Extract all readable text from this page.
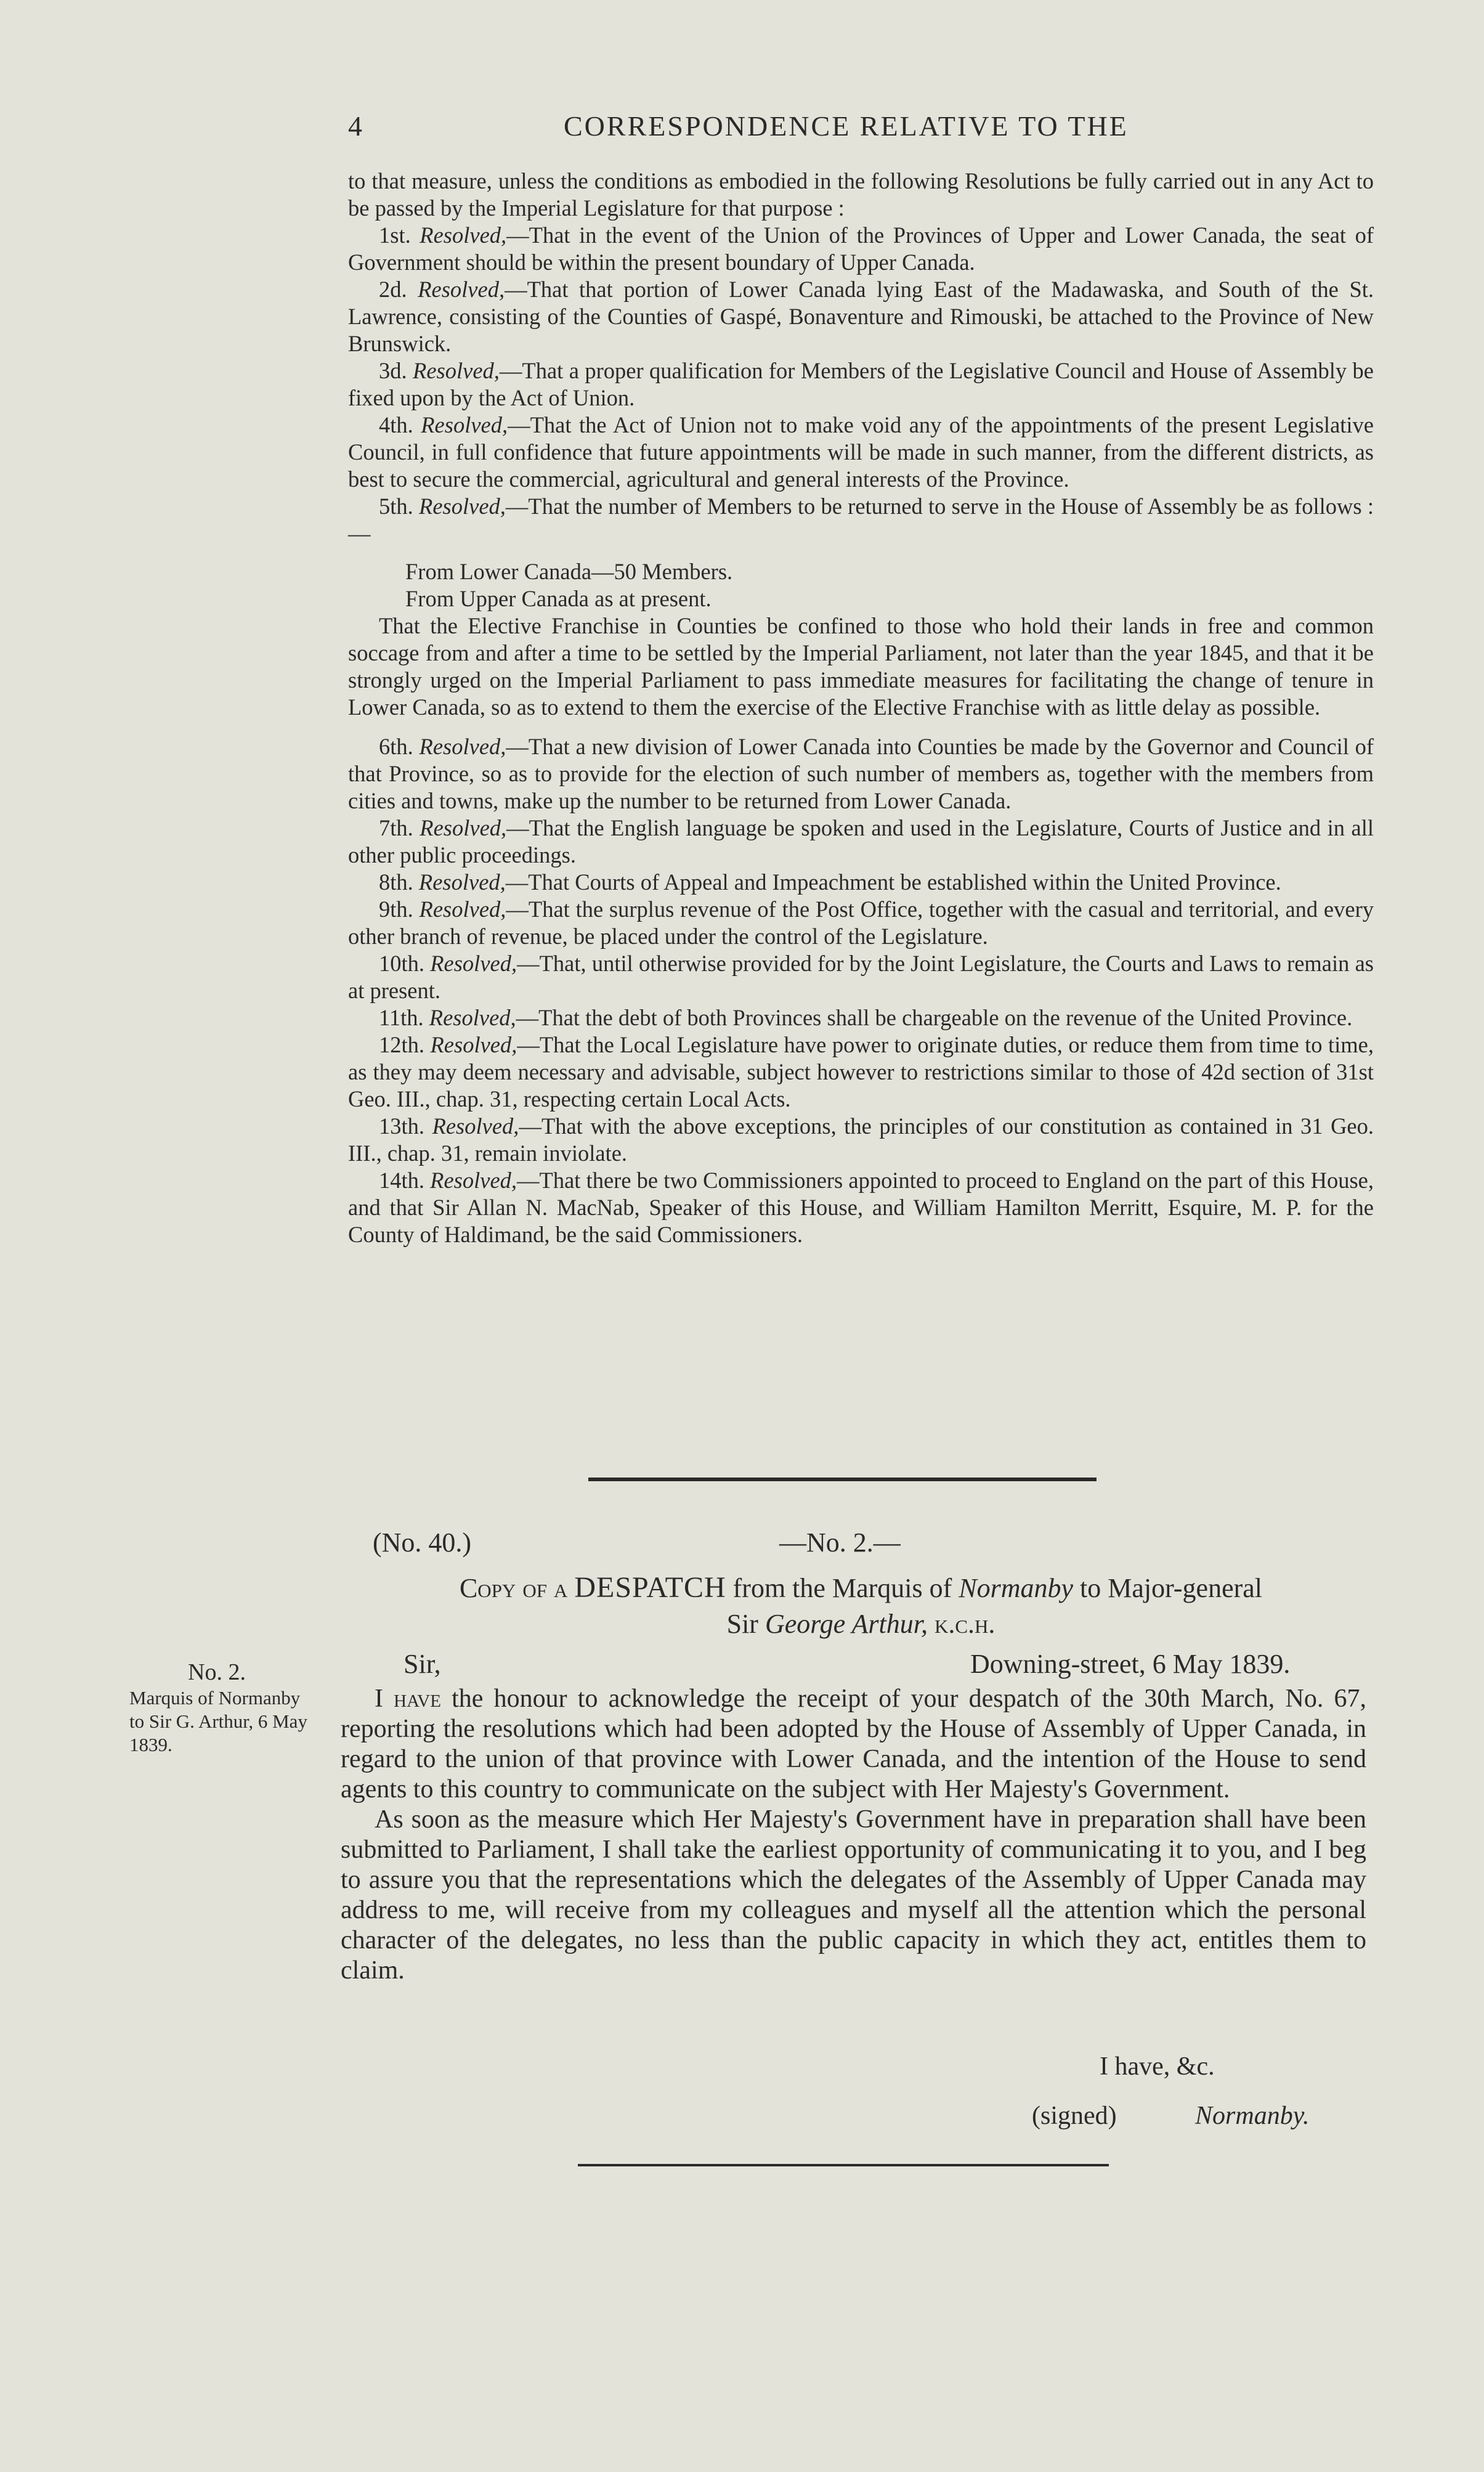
4	CORRESPONDENCE RELATIVE TO THE

to that measure, unless the conditions as embodied in the following Resolutions be fully carried out in any Act to be passed by the Imperial Legislature for that purpose :

1st. Resolved,—That in the event of the Union of the Provinces of Upper and Lower Canada, the seat of Government should be within the present boundary of Upper Canada.

2d. Resolved,—That that portion of Lower Canada lying East of the Madawaska, and South of the St. Lawrence, consisting of the Counties of Gaspé, Bonaventure and Rimouski, be attached to the Province of New Brunswick.

3d. Resolved,—That a proper qualification for Members of the Legislative Council and House of Assembly be fixed upon by the Act of Union.

4th. Resolved,—That the Act of Union not to make void any of the appointments of the present Legislative Council, in full confidence that future appointments will be made in such manner, from the different districts, as best to secure the commercial, agricultural and general interests of the Province.

5th. Resolved,—That the number of Members to be returned to serve in the House of Assembly be as follows :—

From Lower Canada—50 Members.

From Upper Canada as at present.

That the Elective Franchise in Counties be confined to those who hold their lands in free and common soccage from and after a time to be settled by the Imperial Parliament, not later than the year 1845, and that it be strongly urged on the Imperial Parliament to pass immediate measures for facilitating the change of tenure in Lower Canada, so as to extend to them the exercise of the Elective Franchise with as little delay as possible.

6th. Resolved,—That a new division of Lower Canada into Counties be made by the Governor and Council of that Province, so as to provide for the election of such number of members as, together with the members from cities and towns, make up the number to be returned from Lower Canada.

7th. Resolved,—That the English language be spoken and used in the Legislature, Courts of Justice and in all other public proceedings.

8th. Resolved,—That Courts of Appeal and Impeachment be established within the United Province.

9th. Resolved,—That the surplus revenue of the Post Office, together with the casual and territorial, and every other branch of revenue, be placed under the control of the Legislature.

10th. Resolved,—That, until otherwise provided for by the Joint Legislature, the Courts and Laws to remain as at present.

11th. Resolved,—That the debt of both Provinces shall be chargeable on the revenue of the United Province.

12th. Resolved,—That the Local Legislature have power to originate duties, or reduce them from time to time, as they may deem necessary and advisable, subject however to restrictions similar to those of 42d section of 31st Geo. III., chap. 31, respecting certain Local Acts.

13th. Resolved,—That with the above exceptions, the principles of our constitution as contained in 31 Geo. III., chap. 31, remain inviolate.

14th. Resolved,—That there be two Commissioners appointed to proceed to England on the part of this House, and that Sir Allan N. MacNab, Speaker of this House, and William Hamilton Merritt, Esquire, M. P. for the County of Haldimand, be the said Commissioners.

(No. 40.)	—No. 2.—
Copy of a DESPATCH from the Marquis of Normanby to Major-general
Sir George Arthur, k.c.h.
No. 2.
Marquis of Normanby to Sir G. Arthur, 6 May 1839.
Sir,	Downing-street, 6 May 1839.

I have the honour to acknowledge the receipt of your despatch of the 30th March, No. 67, reporting the resolutions which had been adopted by the House of Assembly of Upper Canada, in regard to the union of that province with Lower Canada, and the intention of the House to send agents to this country to communicate on the subject with Her Majesty's Government.

As soon as the measure which Her Majesty's Government have in preparation shall have been submitted to Parliament, I shall take the earliest opportunity of communicating it to you, and I beg to assure you that the representations which the delegates of the Assembly of Upper Canada may address to me, will receive from my colleagues and myself all the attention which the personal character of the delegates, no less than the public capacity in which they act, entitles them to claim.

I have, &c.
(signed)	Normanby.
